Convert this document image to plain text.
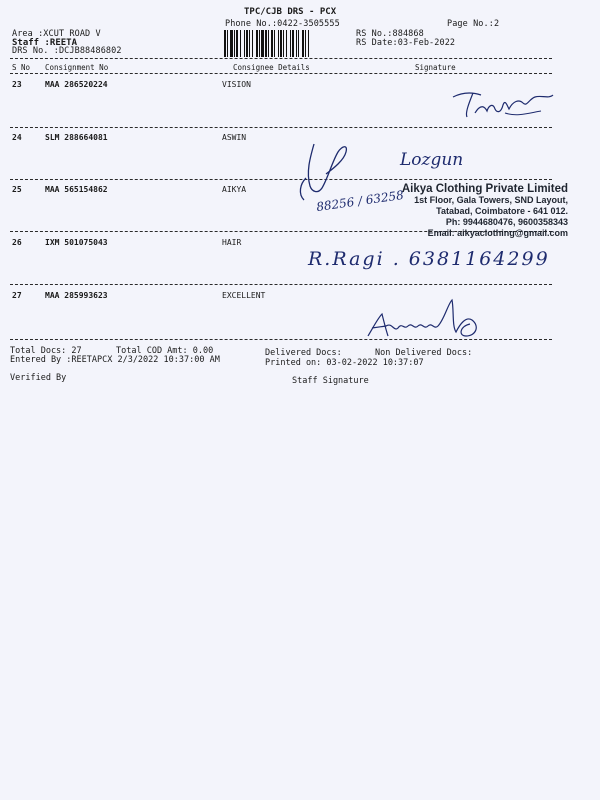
TPC/CJB DRS - PCX
Phone No.:0422-3505555
Area :XCUT ROAD V
Staff :REETA
DRS No. :DCJB88486802
RS No.:884868
RS Date:03-Feb-2022
Page No.:2
S No Consignment No	Consignee Details	Signature
23	MAA 286520224	VISION
24	SLM 288664081	ASWIN
25	MAA 565154862	AIKYA
26	IXM 501075043	HAIR
27	MAA 285993623	EXCELLENT
Lozgun
88256 / 63258
Aikya Clothing Private Limited
1st Floor, Gala Towers, SND Layout,
Tatabad, Coimbatore - 641 012.
Ph: 9944680476, 9600358343
Email: aikyaclothing@gmail.com
R.Ragi . 6381164299
Total Docs: 27	Total COD Amt: 0.00	Delivered Docs:	Non Delivered Docs:
Entered By :REETAPCX 2/3/2022 10:37:00 AM	Printed on: 03-02-2022 10:37:07
Verified By	Staff Signature
